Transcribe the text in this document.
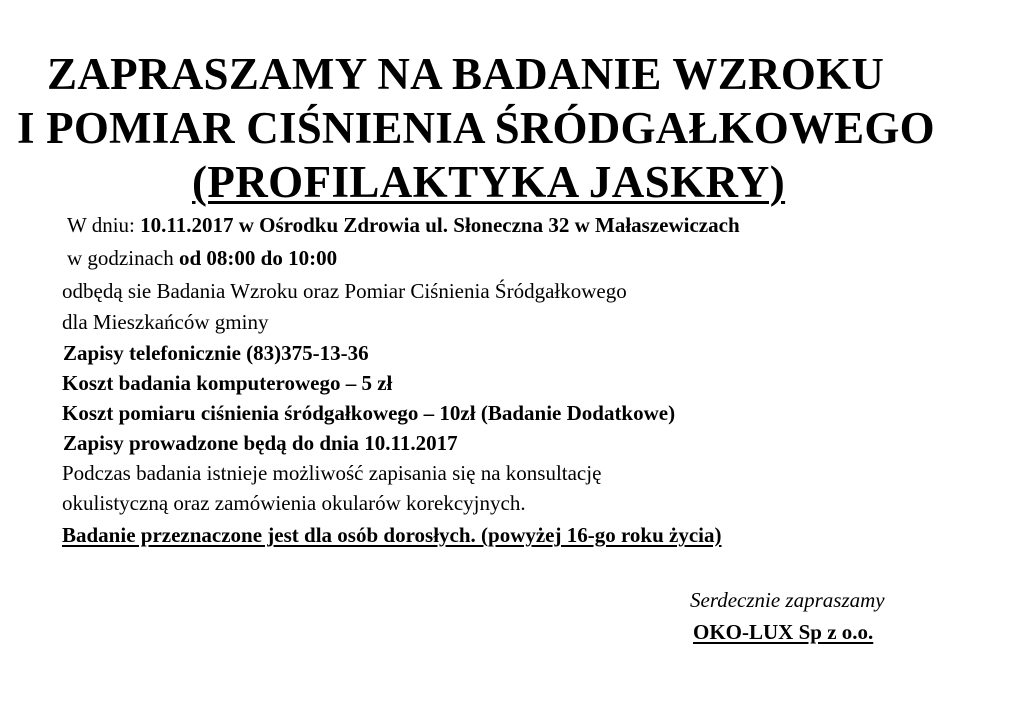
ZAPRASZAMY NA BADANIE WZROKU
I POMIAR CIŚNIENIA ŚRÓDGAŁKOWEGO
(PROFILAKTYKA JASKRY)
W dniu: 10.11.2017 w Ośrodku Zdrowia ul. Słoneczna 32 w Małaszewiczach
w godzinach od 08:00 do 10:00
odbędą sie Badania Wzroku oraz Pomiar Ciśnienia Śródgałkowego
dla Mieszkańców gminy
Zapisy telefonicznie (83)375-13-36
Koszt badania komputerowego – 5 zł
Koszt pomiaru ciśnienia śródgałkowego – 10zł (Badanie Dodatkowe)
Zapisy prowadzone będą do dnia 10.11.2017
Podczas badania istnieje możliwość zapisania się na konsultację
okulistyczną oraz zamówienia okularów korekcyjnych.
Badanie przeznaczone jest dla osób dorosłych. (powyżej 16-go roku życia)
Serdecznie zapraszamy
OKO-LUX Sp z o.o.
